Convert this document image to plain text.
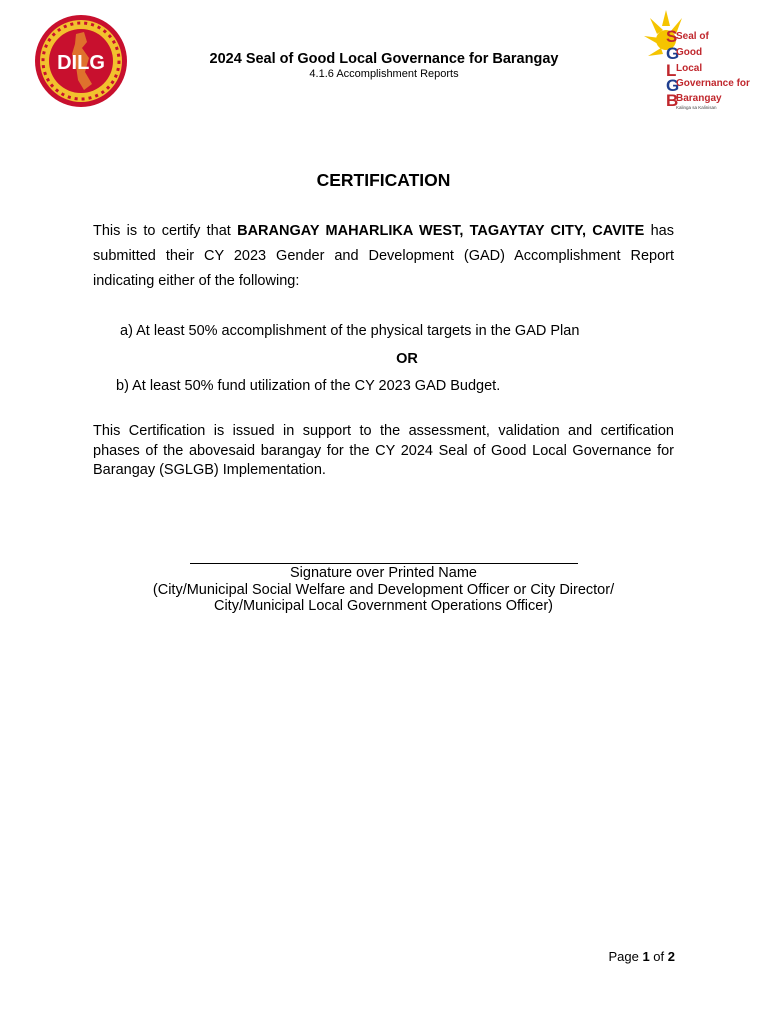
DILG	2024 Seal of Good Local Governance for Barangay
4.1.6 Accomplishment Reports
S
G
L
G
B
Seal of
Good
Local
Governance for
Barangay
Kalinga sa Kalinisan
CERTIFICATION
This is to certify that BARANGAY MAHARLIKA WEST, TAGAYTAY CITY, CAVITE has submitted their CY 2023 Gender and Development (GAD) Accomplishment Report indicating either of the following:
a) At least 50% accomplishment of the physical targets in the GAD Plan
OR
b) At least 50% fund utilization of the CY 2023 GAD Budget.
This Certification is issued in support to the assessment, validation and certification phases of the abovesaid barangay for the CY 2024 Seal of Good Local Governance for Barangay (SGLGB) Implementation.
Signature over Printed Name
(City/Municipal Social Welfare and Development Officer or City Director/
City/Municipal Local Government Operations Officer)
Page 1 of 2
